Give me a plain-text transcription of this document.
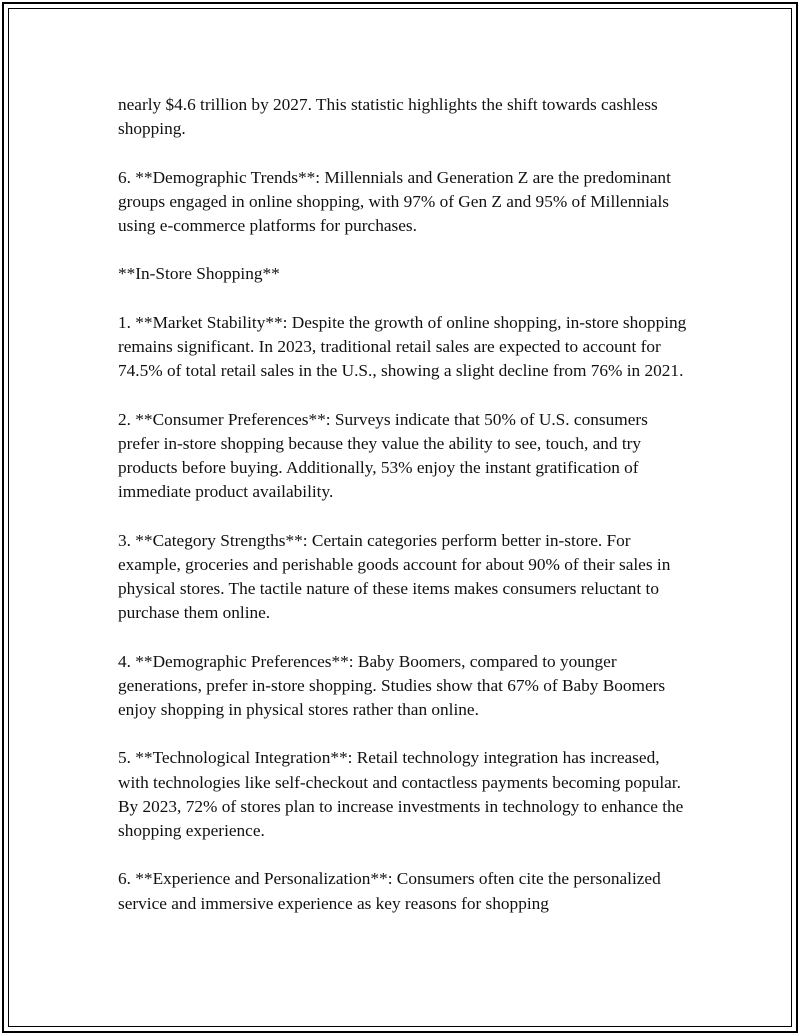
nearly $4.6 trillion by 2027. This statistic highlights the shift towards cashless shopping.

6. **Demographic Trends**: Millennials and Generation Z are the predominant groups engaged in online shopping, with 97% of Gen Z and 95% of Millennials using e-commerce platforms for purchases.

**In-Store Shopping**

1. **Market Stability**: Despite the growth of online shopping, in-store shopping remains significant. In 2023, traditional retail sales are expected to account for 74.5% of total retail sales in the U.S., showing a slight decline from 76% in 2021.

2. **Consumer Preferences**: Surveys indicate that 50% of U.S. consumers prefer in-store shopping because they value the ability to see, touch, and try products before buying. Additionally, 53% enjoy the instant gratification of immediate product availability.

3. **Category Strengths**: Certain categories perform better in-store. For example, groceries and perishable goods account for about 90% of their sales in physical stores. The tactile nature of these items makes consumers reluctant to purchase them online.

4. **Demographic Preferences**: Baby Boomers, compared to younger generations, prefer in-store shopping. Studies show that 67% of Baby Boomers enjoy shopping in physical stores rather than online.

5. **Technological Integration**: Retail technology integration has increased, with technologies like self-checkout and contactless payments becoming popular. By 2023, 72% of stores plan to increase investments in technology to enhance the shopping experience.

6. **Experience and Personalization**: Consumers often cite the personalized service and immersive experience as key reasons for shopping
